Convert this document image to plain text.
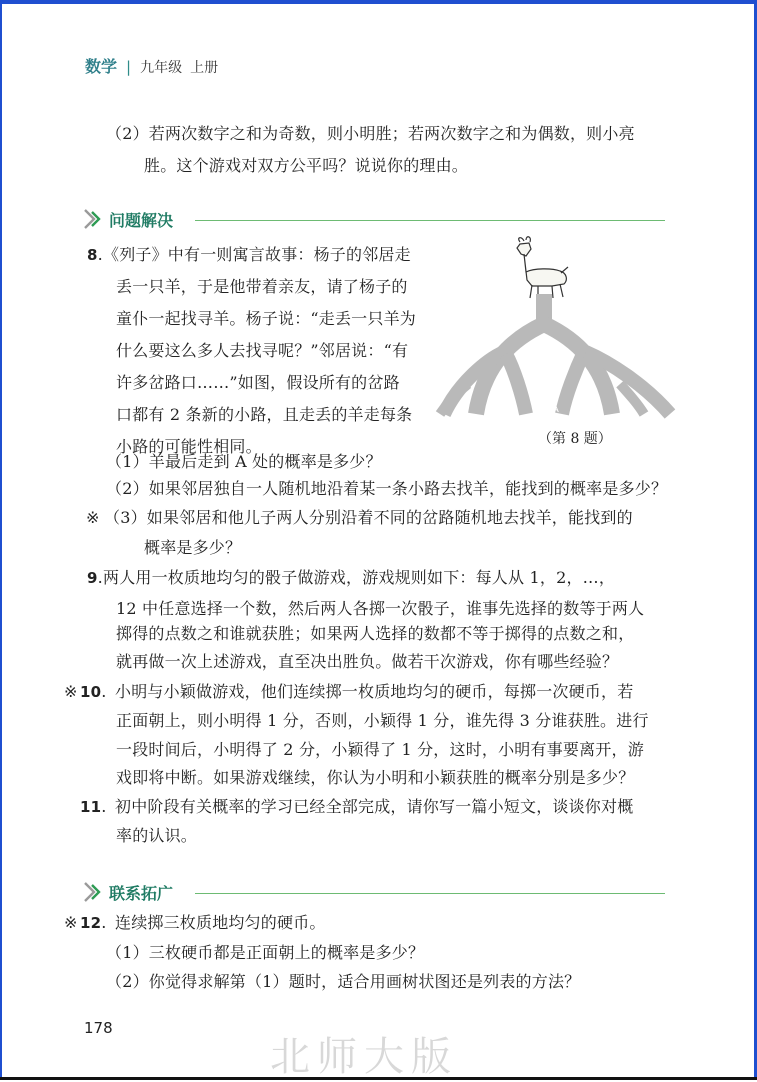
数学 | 九年级 上册
（2）若两次数字之和为奇数，则小明胜；若两次数字之和为偶数，则小亮
胜。这个游戏对双方公平吗？说说你的理由。
问题解决
8. 《列子》中有一则寓言故事：杨子的邻居走
丢一只羊，于是他带着亲友，请了杨子的
童仆一起找寻羊。杨子说：“走丢一只羊为
什么要这么多人去找寻呢？”邻居说：“有
许多岔路口……”如图，假设所有的岔路
口都有 2 条新的小路，且走丢的羊走每条
小路的可能性相同。
A
（第 8 题）
（1）羊最后走到 A 处的概率是多少？
（2）如果邻居独自一人随机地沿着某一条小路去找羊，能找到的概率是多少？
※ （3）如果邻居和他儿子两人分别沿着不同的岔路随机地去找羊，能找到的
概率是多少？
9. 两人用一枚质地均匀的骰子做游戏，游戏规则如下：每人从 1，2，…，
12 中任意选择一个数，然后两人各掷一次骰子，谁事先选择的数等于两人
掷得的点数之和谁就获胜；如果两人选择的数都不等于掷得的点数之和，
就再做一次上述游戏，直至决出胜负。做若干次游戏，你有哪些经验？
※ 10. 小明与小颖做游戏，他们连续掷一枚质地均匀的硬币，每掷一次硬币，若
正面朝上，则小明得 1 分，否则，小颖得 1 分，谁先得 3 分谁获胜。进行
一段时间后，小明得了 2 分，小颖得了 1 分，这时，小明有事要离开，游
戏即将中断。如果游戏继续，你认为小明和小颖获胜的概率分别是多少？
11. 初中阶段有关概率的学习已经全部完成，请你写一篇小短文，谈谈你对概
率的认识。
联系拓广
※ 12. 连续掷三枚质地均匀的硬币。
（1）三枚硬币都是正面朝上的概率是多少？
（2）你觉得求解第（1）题时，适合用画树状图还是列表的方法？
178
北师大版
